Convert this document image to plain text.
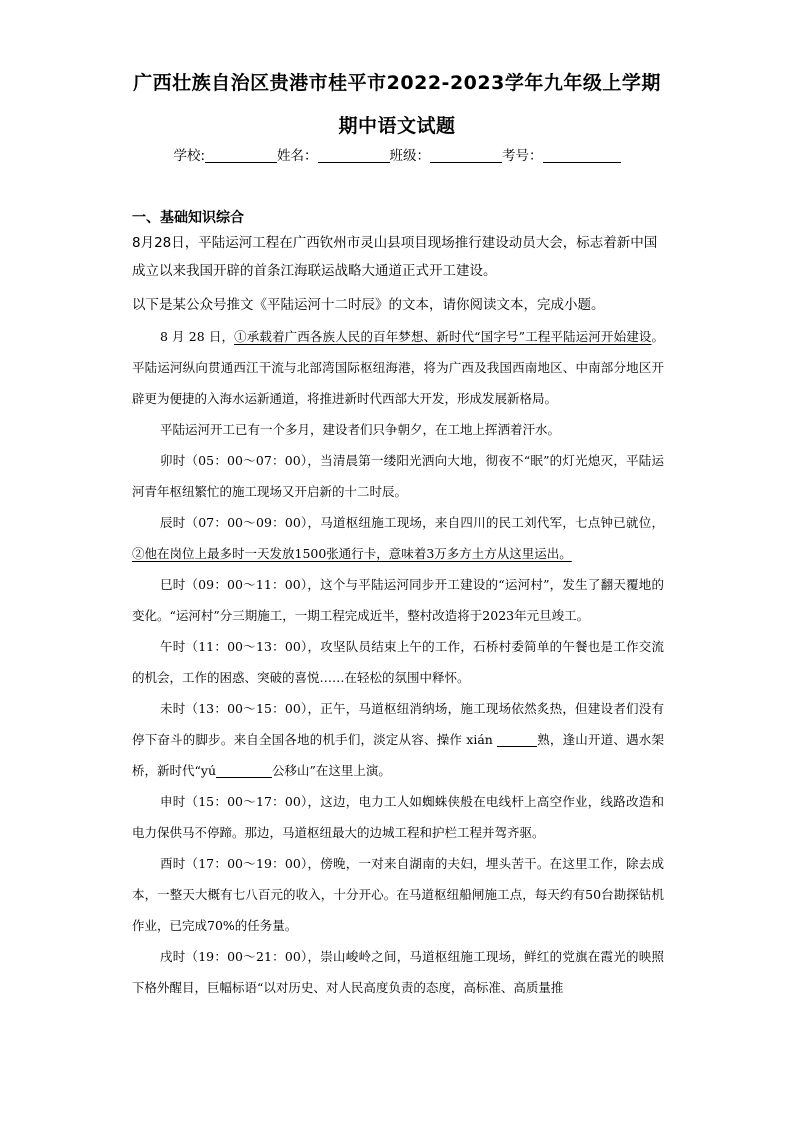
广西壮族自治区贵港市桂平市2022-2023学年九年级上学期
期中语文试题
学校:	姓名：	班级：	考号：
一、基础知识综合
8月28日，平陆运河工程在广西钦州市灵山县项目现场推行建设动员大会，标志着新中国成立以来我国开辟的首条江海联运战略大通道正式开工建设。
以下是某公众号推文《平陆运河十二时辰》的文本，请你阅读文本，完成小题。

8 月 28 日，①承载着广西各族人民的百年梦想、新时代“国字号”工程平陆运河开始建设。平陆运河纵向贯通西江干流与北部湾国际枢纽海港，将为广西及我国西南地区、中南部分地区开辟更为便捷的入海水运新通道，将推进新时代西部大开发，形成发展新格局。

平陆运河开工已有一个多月，建设者们只争朝夕，在工地上挥洒着汗水。

卯时（05：00～07：00），当清晨第一缕阳光洒向大地，彻夜不“眠”的灯光熄灭，平陆运河青年枢纽繁忙的施工现场又开启新的十二时辰。

辰时（07：00～09：00），马道枢纽施工现场，来自四川的民工刘代军，七点钟已就位，②他在岗位上最多时一天发放1500张通行卡，意味着3万多方土方从这里运出。

巳时（09：00～11：00），这个与平陆运河同步开工建设的“运河村”，发生了翻天覆地的变化。“运河村”分三期施工，一期工程完成近半，整村改造将于2023年元旦竣工。

午时（11：00～13：00），攻坚队员结束上午的工作，石桥村委简单的午餐也是工作交流的机会，工作的困惑、突破的喜悦……在轻松的氛围中释怀。

未时（13：00～15：00），正午，马道枢纽消纳场，施工现场依然炙热，但建设者们没有停下奋斗的脚步。来自全国各地的机手们，淡定从容、操作 xián	熟，逢山开道、遇水架桥，新时代“yú	公移山”在这里上演。

申时（15：00～17：00），这边，电力工人如蜘蛛侠般在电线杆上高空作业，线路改造和电力保供马不停蹄。那边，马道枢纽最大的边城工程和护栏工程并驾齐驱。

酉时（17：00～19：00），傍晚，一对来自湖南的夫妇，埋头苦干。在这里工作，除去成本，一整天大概有七八百元的收入，十分开心。在马道枢纽船闸施工点，每天约有50台勘探钻机作业，已完成70%的任务量。

戌时（19：00～21：00），崇山峻岭之间，马道枢纽施工现场，鲜红的党旗在霞光的映照下格外醒目，巨幅标语“以对历史、对人民高度负责的态度，高标准、高质量推
